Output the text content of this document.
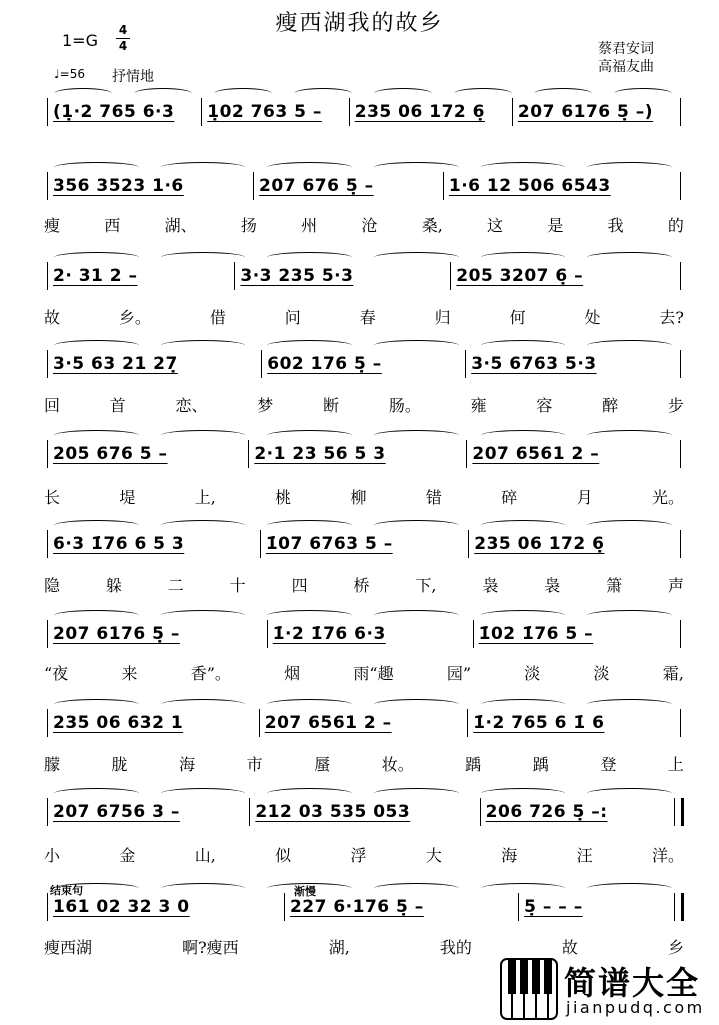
瘦西湖我的故乡
1=G
4
4
♩=56 抒情地
蔡君安词
高福友曲
(1̣·2 765 6·3	1̣02 763 5 –	235 06 172 6̣	207 6176 5̣ –)
356 3523 1·6	207 676 5̣ –	1·6 12 506 6543
瘦	西	湖、	扬	州	沧	桑,	这	是	我	的
2· 31 2 –	3·3 235 5·3	205 3207 6̣ –
故	乡。	借	问	春	归	何	处	去?
3·5 63 21 27̣	602 176 5̣ –	3·5 6763 5·3
回	首	恋、	梦	断	肠。	雍	容	醉	步
205 676 5 –	2·1 23 56 5 3	207 6561 2 –
长	堤	上,	桃	柳	错	碎	月	光。
6·3 1̇76 6 5 3	1̇07 6763 5 –	235 06 172 6̣
隐	躲	二	十	四	桥	下,	袅	袅	箫	声
207 6176 5̣ –	1̇·2 1̇76 6·3	1̇02 1̇76 5 –
“夜	来	香”。	烟	雨“趣	园”	淡	淡	霜,
235 06 632 1	207 6561 2 –	1̇·2 765 6 1̇ 6
朦	胧	海	市	蜃	妆。	踽	踽	登	上
207 6756 3 –	212 03 535 053	206 726 5̣ –:
小	金	山,	似	浮	大	海	汪	洋。
161 02 32 3 0	227 6·176 5̣ –	5̣ – – –
瘦西湖	啊?瘦西	湖,	我的	故	乡
结束句	渐慢
简谱大全
jianpudq.com
